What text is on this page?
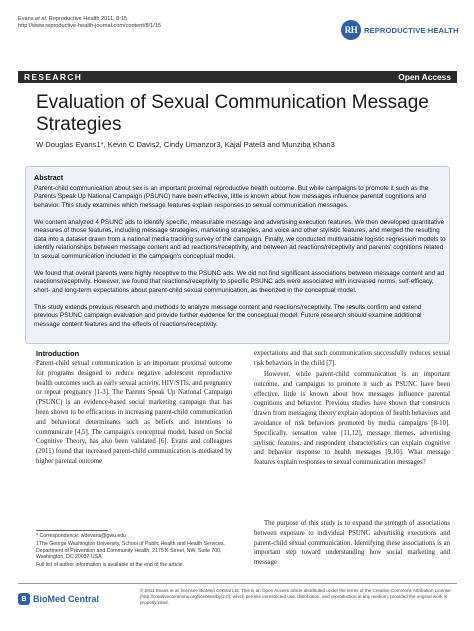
Evans et al. Reproductive Health 2011, 8:15
http://www.reproductive-health-journal.com/content/8/1/15	RH REPRODUCTIVE HEALTH
RESEARCH	Open Access
Evaluation of Sexual Communication Message Strategies
W Douglas Evans1*, Kevin C Davis2, Cindy Umanzor3, Kajal Patel3 and Munziba Khan3
Abstract
Parent-child communication about sex is an important proximal reproductive health outcome. But while campaigns to promote it such as the Parents Speak Up National Campaign (PSUNC) have been effective, little is known about how messages influence parental cognitions and behavior. This study examines which message features explain responses to sexual communication messages.
We content analyzed 4 PSUNC ads to identify specific, measurable message and advertising execution features. We then developed quantitative measures of those features, including message strategies, marketing strategies, and voice and other stylistic features, and merged the resulting data into a dataset drawn from a national media tracking survey of the campaign. Finally, we conducted multivariable logistic regression models to identify relationships between message content and ad reactions/receptivity, and between ad reactions/receptivity and parents' cognitions related to sexual communication included in the campaign's conceptual model.
We found that overall parents were highly receptive to the PSUNC ads. We did not find significant associations between message content and ad reactions/receptivity. However, we found that reactions/receptivity to specific PSUNC ads were associated with increased norms, self-efficacy, short- and long-term expectations about parent-child sexual communication, as theorized in the conceptual model.
This study extends previous research and methods to analyze message content and reactions/receptivity. The results confirm and extend previous PSUNC campaign evaluation and provide further evidence for the conceptual model. Future research should examine additional message content features and the effects of reactions/receptivity.
Introduction
Parent-child sexual communication is an important proximal outcome for programs designed to reduce negative adolescent reproductive health outcomes such as early sexual activity, HIV/STIs, and pregnancy or repeat pregnancy [1-3]. The Parents Speak Up National Campaign (PSUNC) is an evidence-based social marketing campaign that has been shown to be efficacious in increasing parent-child communication and behavioral determinants such as beliefs and intentions to communicate [4,5]. The campaign's conceptual model, based on Social Cognitive Theory, has also been validated [6]. Evans and colleagues (2011) found that increased parent-child communication is mediated by higher parental outcome
expectations and that such communication successfully reduces sexual risk behaviors in the child [7].
However, while parent-child communication is an important outcome, and campaigns to promote it such as PSUNC have been effective, little is known about how messages influence parental cognitions and behavior. Previous studies have shown that constructs drawn from messaging theory explain adoption of health behaviors and avoidance of risk behaviors promoted by media campaigns [8-10]. Specifically, sensation value [11,12], message themes, advertising stylistic features, and respondent characteristics can explain cognitive and behavior response to health messages [9,10]. What message features explain responses to sexual communication messages?
The purpose of this study is to expand the strength of associations between exposure to individual PSUNC advertising executions and parent-child sexual communication. Identifying these associations is an important step toward understanding how social marketing and message
* Correspondence: wdevans@gwu.edu
1The George Washington University, School of Public Health and Health Services, Department of Prevention and Community Health, 2175 K Street, NW, Suite 700, Washington, DC 20037 USA
Full list of author information is available at the end of the article
B BioMed Central
© 2011 Evans et al; licensee BioMed Central Ltd. This is an Open Access article distributed under the terms of the Creative Commons Attribution License (http://creativecommons.org/licenses/by/2.0), which permits unrestricted use, distribution, and reproduction in any medium, provided the original work is properly cited.
